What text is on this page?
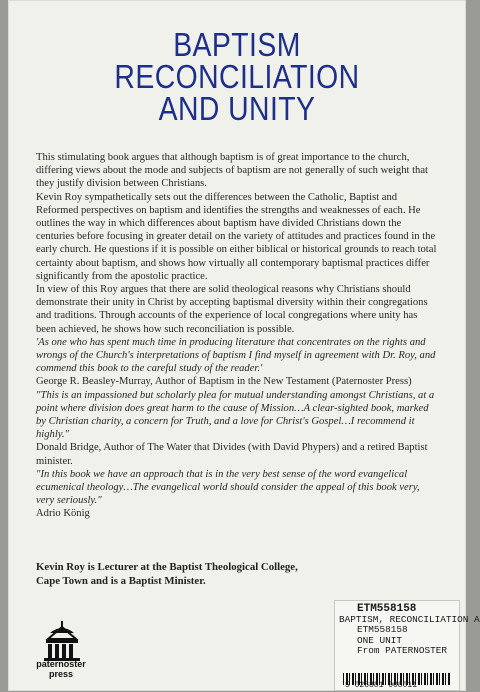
BAPTISM
RECONCILIATION
AND UNITY

This stimulating book argues that although baptism is of great importance to the church, differing views about the mode and subjects of baptism are not generally of such weight that they justify division between Christians.

Kevin Roy sympathetically sets out the differences between the Catholic, Baptist and Reformed perspectives on baptism and identifies the strengths and weaknesses of each. He outlines the way in which differences about baptism have divided Christians down the centuries before focusing in greater detail on the variety of attitudes and practices found in the early church. He questions if it is possible on either biblical or historical grounds to reach total certainty about baptism, and shows how virtually all contemporary baptismal practices differ significantly from the apostolic practice.

In view of this Roy argues that there are solid theological reasons why Christians should demonstrate their unity in Christ by accepting baptismal diversity within their congregations and traditions. Through accounts of the experience of local congregations where unity has been achieved, he shows how such reconciliation is possible.

'As one who has spent much time in producing literature that concentrates on the rights and wrongs of the Church's interpretations of baptism I find myself in agreement with Dr. Roy, and commend this book to the careful study of the reader.'

George R. Beasley-Murray, Author of Baptism in the New Testament (Paternoster Press)

"This is an impassioned but scholarly plea for mutual understanding amongst Christians, at a point where division does great harm to the cause of Mission…A clear-sighted book, marked by Christian charity, a concern for Truth, and a love for Christ's Gospel…I recommend it highly."

Donald Bridge, Author of The Water that Divides (with David Phypers) and a retired Baptist minister.

"In this book we have an approach that is in the very best sense of the word evangelical ecumenical theology…The evangelical world should consider the appeal of this book very, very seriously."

Adrio König

Kevin Roy is Lecturer at the Baptist Theological College,
Cape Town and is a Baptist Minister.
paternoster
press
ETM558158
BAPTISM, RECONCILIATION A
ETM558158
ONE UNIT
From PATERNOSTER
5 028881 008011
